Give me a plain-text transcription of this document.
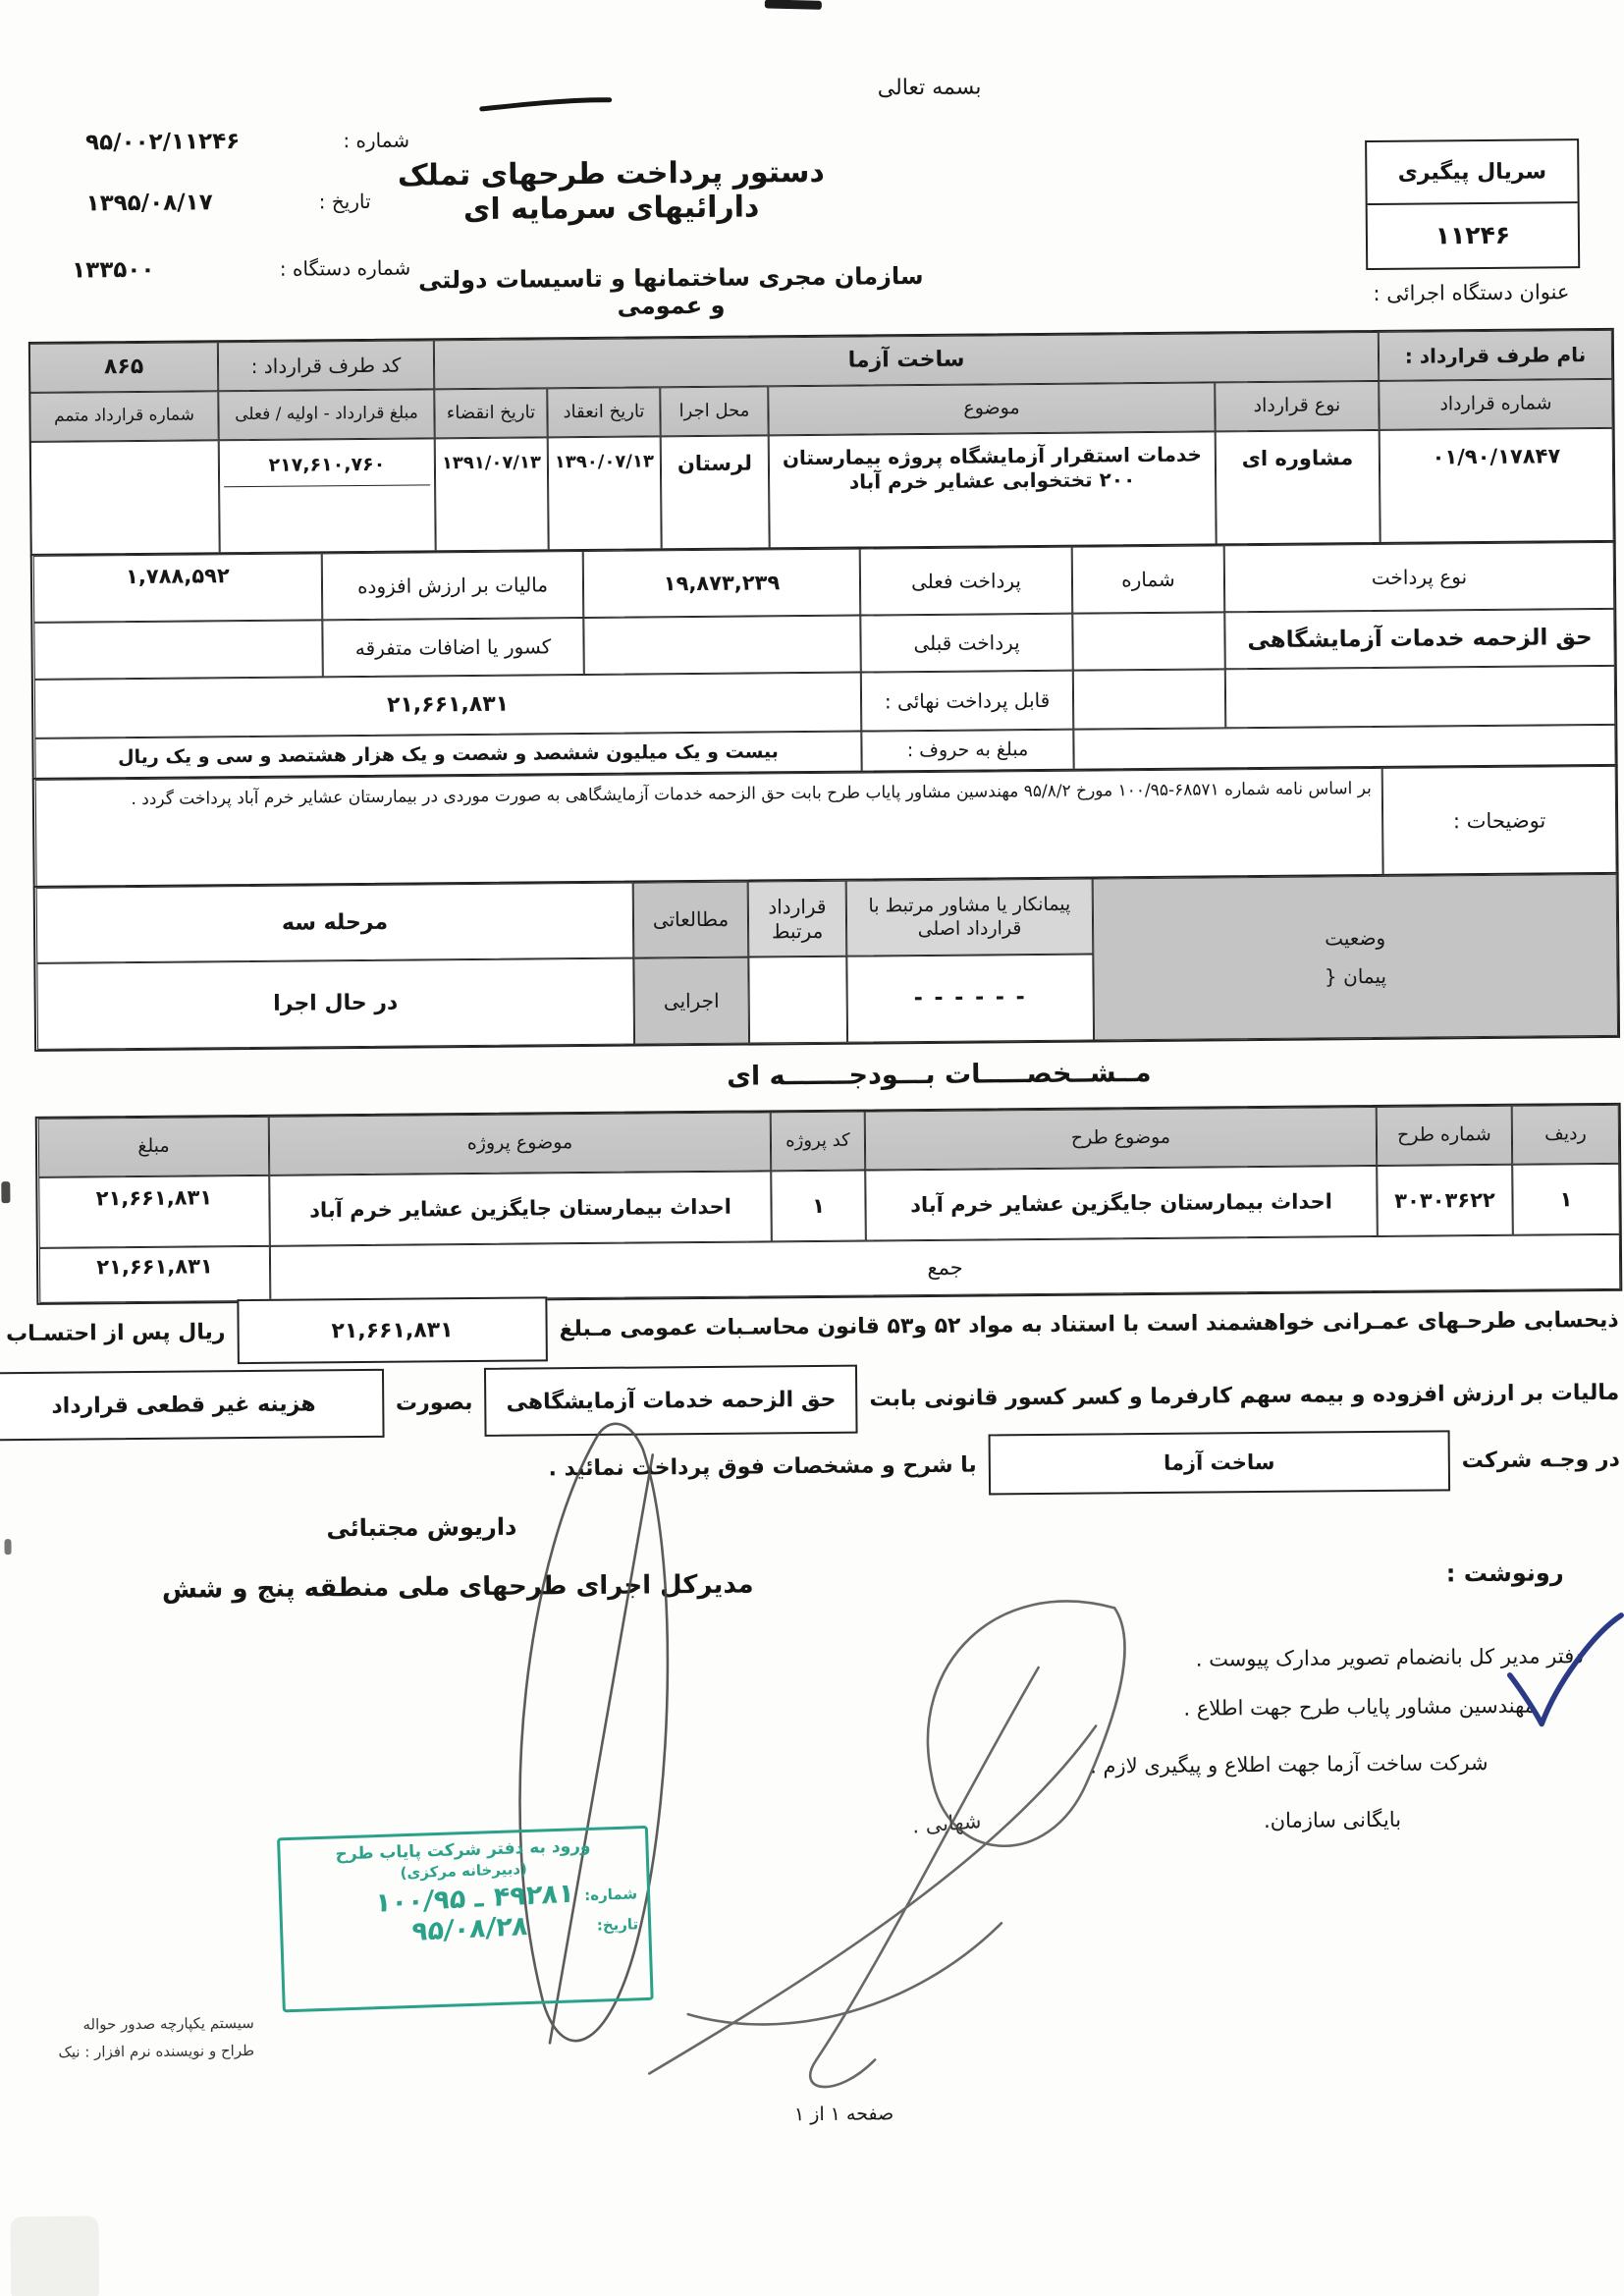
بسمه تعالی
شماره :
۹۵/۰۰۲/۱۱۲۴۶
تاریخ :
۱۳۹۵/۰۸/۱۷
شماره دستگاه :
۱۳۳۵۰۰
دستور پرداخت طرحهای تملک دارائیهای سرمایه ای
سازمان مجری ساختمانها و تاسیسات دولتی و عمومی
سریال پیگیری
۱۱۲۴۶
عنوان دستگاه اجرائی :
نام طرف قرارداد :
ساخت آزما
کد طرف قرارداد :
۸۶۵
شماره قرارداد
نوع قرارداد
موضوع
محل اجرا
تاریخ انعقاد
تاریخ انقضاء
مبلغ قرارداد - اولیه / فعلی
شماره قرارداد متمم
۰۱/۹۰/۱۷۸۴۷
مشاوره ای
خدمات استقرار آزمایشگاه پروژه بیمارستان ۲۰۰ تختخوابی عشایر خرم آباد
لرستان
۱۳۹۰/۰۷/۱۳
۱۳۹۱/۰۷/۱۳
۲۱۷,۶۱۰,۷۶۰
نوع پرداخت
شماره
پرداخت فعلی
۱۹,۸۷۳,۲۳۹
مالیات بر ارزش افزوده
۱,۷۸۸,۵۹۲
حق الزحمه خدمات آزمایشگاهی
پرداخت قبلی
کسور یا اضافات متفرقه
قابل پرداخت نهائی :
۲۱,۶۶۱,۸۳۱
مبلغ به حروف :
بیست و یک میلیون ششصد و شصت و یک هزار هشتصد و سی و یک ریال
توضیحات :
بر اساس نامه شماره ۶۸۵۷۱-۱۰۰/۹۵ مورخ ۹۵/۸/۲ مهندسین مشاور پایاب طرح بابت حق الزحمه خدمات آزمایشگاهی به صورت موردی در بیمارستان عشایر خرم آباد پرداخت گردد .
پیمانکار یا مشاور مرتبط با قرارداد اصلی
قرارداد مرتبط	وضعیت
پیمان {
مطالعاتی
مرحله سه
- - - - - -
اجرایی
در حال اجرا
مــشــخصـــــات بـــودجـــــــه ای
ردیف
شماره طرح
موضوع طرح
کد پروژه
موضوع پروژه
مبلغ
۱
۳۰۳۰۳۶۲۲
احداث بیمارستان جایگزین عشایر خرم آباد
۱
احداث بیمارستان جایگزین عشایر خرم آباد
۲۱,۶۶۱,۸۳۱
جمع
۲۱,۶۶۱,۸۳۱
ذیحسابی طرحـهای عمـرانی خواهشمند است با استناد به مواد ۵۲ و۵۳ قانون محاسـبات عمومی مـبلغ
۲۱,۶۶۱,۸۳۱
ریال پس از احتسـاب
مالیات بر ارزش افزوده و بیمه سهم کارفرما و کسر کسور قانونی بابت
حق الزحمه خدمات آزمایشگاهی
بصورت
هزینه غیر قطعی قرارداد
در وجـه شرکت
ساخت آزما
با شرح و مشخصات فوق پرداخت نمائید .
داریوش مجتبائی
مدیرکل اجرای طرحهای ملی منطقه پنج و شش	رونوشت :
دفتر مدیر کل بانضمام تصویر مدارک پیوست .
مهندسین مشاور پایاب طرح جهت اطلاع .
شرکت ساخت آزما جهت اطلاع و پیگیری لازم .
بایگانی سازمان.
شهابی .
ورود به دفتر شرکت پایاب طرح
(دبیرخانه مرکزی)
شماره:
۴۹۲۸۱ ـ ۱۰۰/۹۵
تاریخ:
۹۵/۰۸/۲۸
سیستم یکپارچه صدور حواله
طراح و نویسنده نرم افزار : نیک
صفحه ۱ از ۱
